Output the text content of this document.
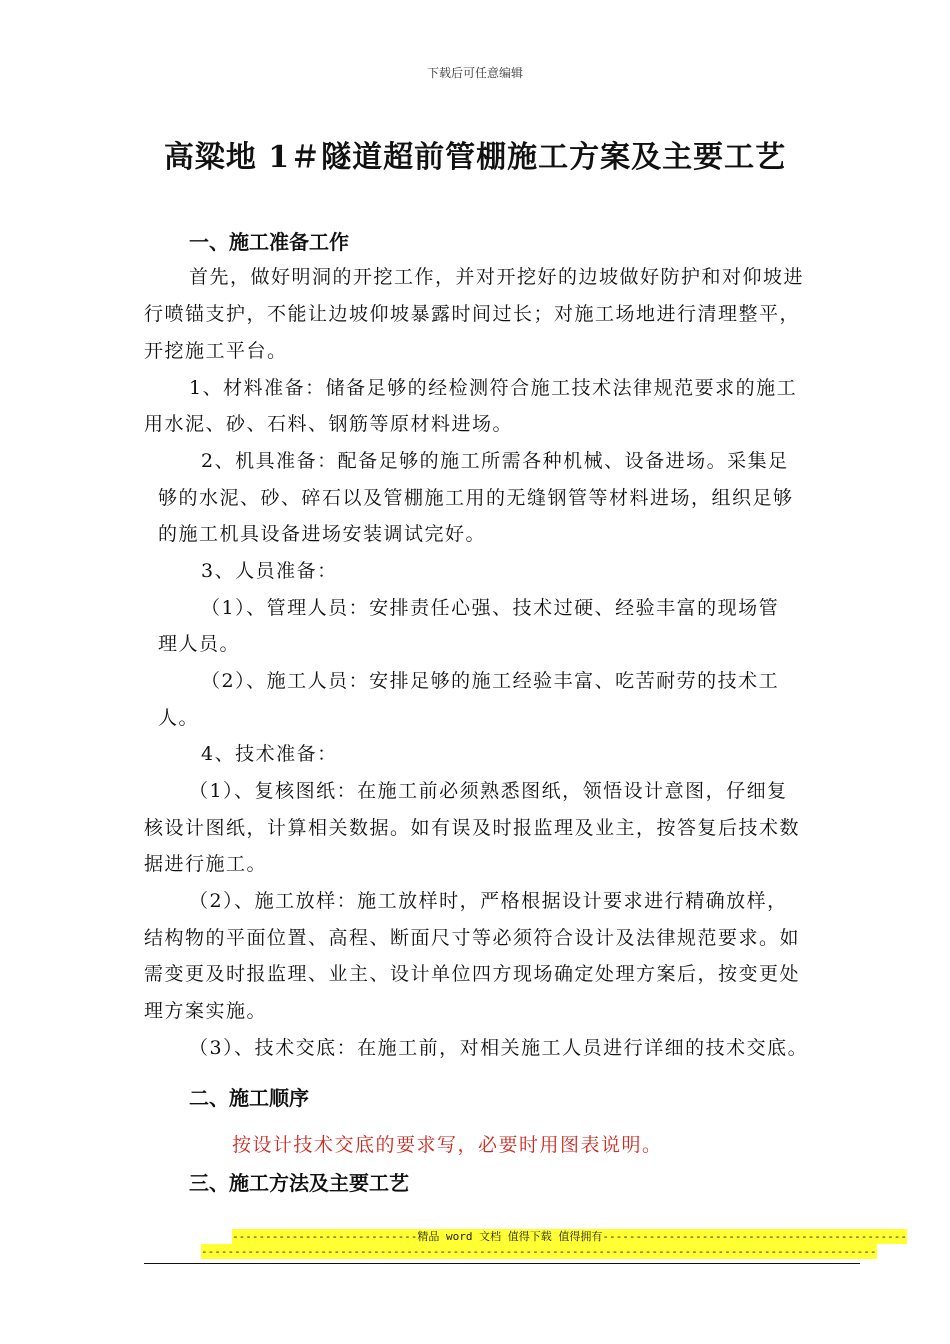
下载后可任意编辑
高粱地 1＃隧道超前管棚施工方案及主要工艺
一、施工准备工作
首先，做好明洞的开挖工作，并对开挖好的边坡做好防护和对仰坡进
行喷锚支护，不能让边坡仰坡暴露时间过长；对施工场地进行清理整平，
开挖施工平台。
1、材料准备：储备足够的经检测符合施工技术法律规范要求的施工
用水泥、砂、石料、钢筋等原材料进场。
2、机具准备：配备足够的施工所需各种机械、设备进场。采集足
够的水泥、砂、碎石以及管棚施工用的无缝钢管等材料进场，组织足够
的施工机具设备进场安装调试完好。
3、人员准备：
（1）、管理人员：安排责任心强、技术过硬、经验丰富的现场管
理人员。
（2）、施工人员：安排足够的施工经验丰富、吃苦耐劳的技术工
人。
4、技术准备：
（1）、复核图纸：在施工前必须熟悉图纸，领悟设计意图，仔细复
核设计图纸，计算相关数据。如有误及时报监理及业主，按答复后技术数
据进行施工。
（2）、施工放样：施工放样时，严格根据设计要求进行精确放样，
结构物的平面位置、高程、断面尺寸等必须符合设计及法律规范要求。如
需变更及时报监理、业主、设计单位四方现场确定处理方案后，按变更处
理方案实施。
（3）、技术交底：在施工前，对相关施工人员进行详细的技术交底。
二、施工顺序
按设计技术交底的要求写，必要时用图表说明。
三、施工方法及主要工艺
----------------------------精品 word 文档 值得下载 值得拥有----------------------------------------------
------------------------------------------------------------------------------------------------------
